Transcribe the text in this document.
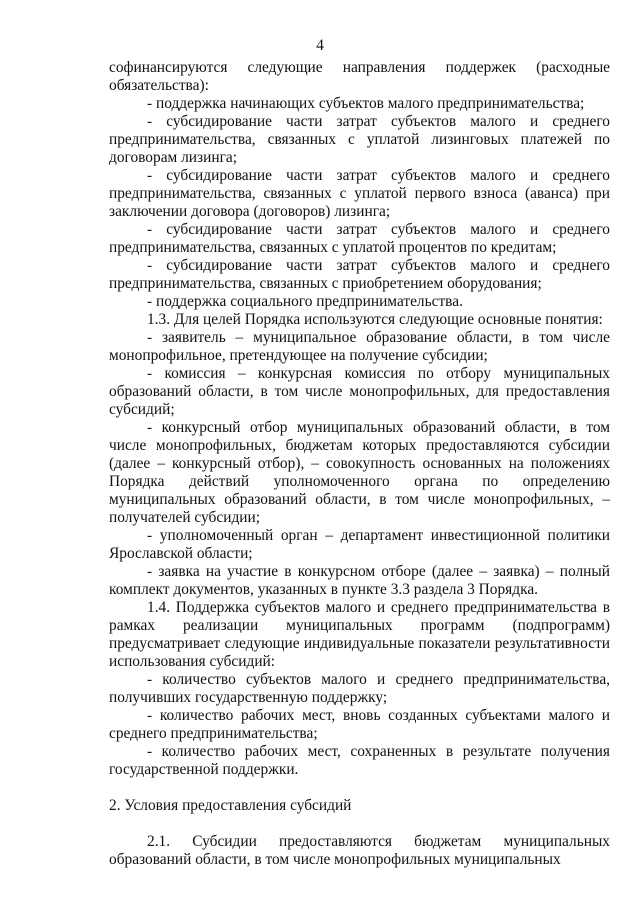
4

софинансируются следующие направления поддержек (расходные обязательства):

- поддержка начинающих субъектов малого предпринимательства;

- субсидирование части затрат субъектов малого и среднего предпринимательства, связанных с уплатой лизинговых платежей по договорам лизинга;

- субсидирование части затрат субъектов малого и среднего предпринимательства, связанных с уплатой первого взноса (аванса) при заключении договора (договоров) лизинга;

- субсидирование части затрат субъектов малого и среднего предпринимательства, связанных с уплатой процентов по кредитам;

- субсидирование части затрат субъектов малого и среднего предпринимательства, связанных с приобретением оборудования;

- поддержка социального предпринимательства.

1.3. Для целей Порядка используются следующие основные понятия:

- заявитель – муниципальное образование области, в том числе монопрофильное, претендующее на получение субсидии;

- комиссия – конкурсная комиссия по отбору муниципальных образований области, в том числе монопрофильных, для предоставления субсидий;

- конкурсный отбор муниципальных образований области, в том числе монопрофильных, бюджетам которых предоставляются субсидии (далее – конкурсный отбор), – совокупность основанных на положениях Порядка действий уполномоченного органа по определению муниципальных образований области, в том числе монопрофильных, – получателей субсидии;

- уполномоченный орган – департамент инвестиционной политики Ярославской области;

- заявка на участие в конкурсном отборе (далее – заявка) – полный комплект документов, указанных в пункте 3.3 раздела 3 Порядка.

1.4. Поддержка субъектов малого и среднего предпринимательства в рамках реализации муниципальных программ (подпрограмм) предусматривает следующие индивидуальные показатели результативности использования субсидий:

- количество субъектов малого и среднего предпринимательства, получивших государственную поддержку;

- количество рабочих мест, вновь созданных субъектами малого и среднего предпринимательства;

- количество рабочих мест, сохраненных в результате получения государственной поддержки.

2. Условия предоставления субсидий

2.1. Субсидии предоставляются бюджетам муниципальных образований области, в том числе монопрофильных муниципальных
